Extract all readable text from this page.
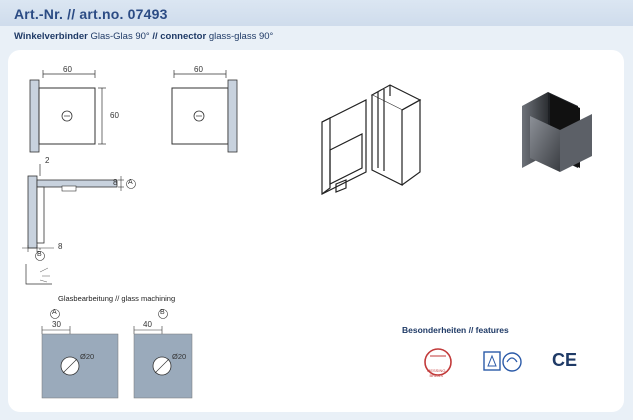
Art.-Nr. // art.no. 07493
Winkelverbinder Glas-Glas 90° // connector glass-glass 90°
60
60
60
2
8 A
8
B
Glasbearbeitung // glass machining
A
30
Ø20
B
40
Ø20
Besonderheiten // features
MESSING
BRASS
CE
